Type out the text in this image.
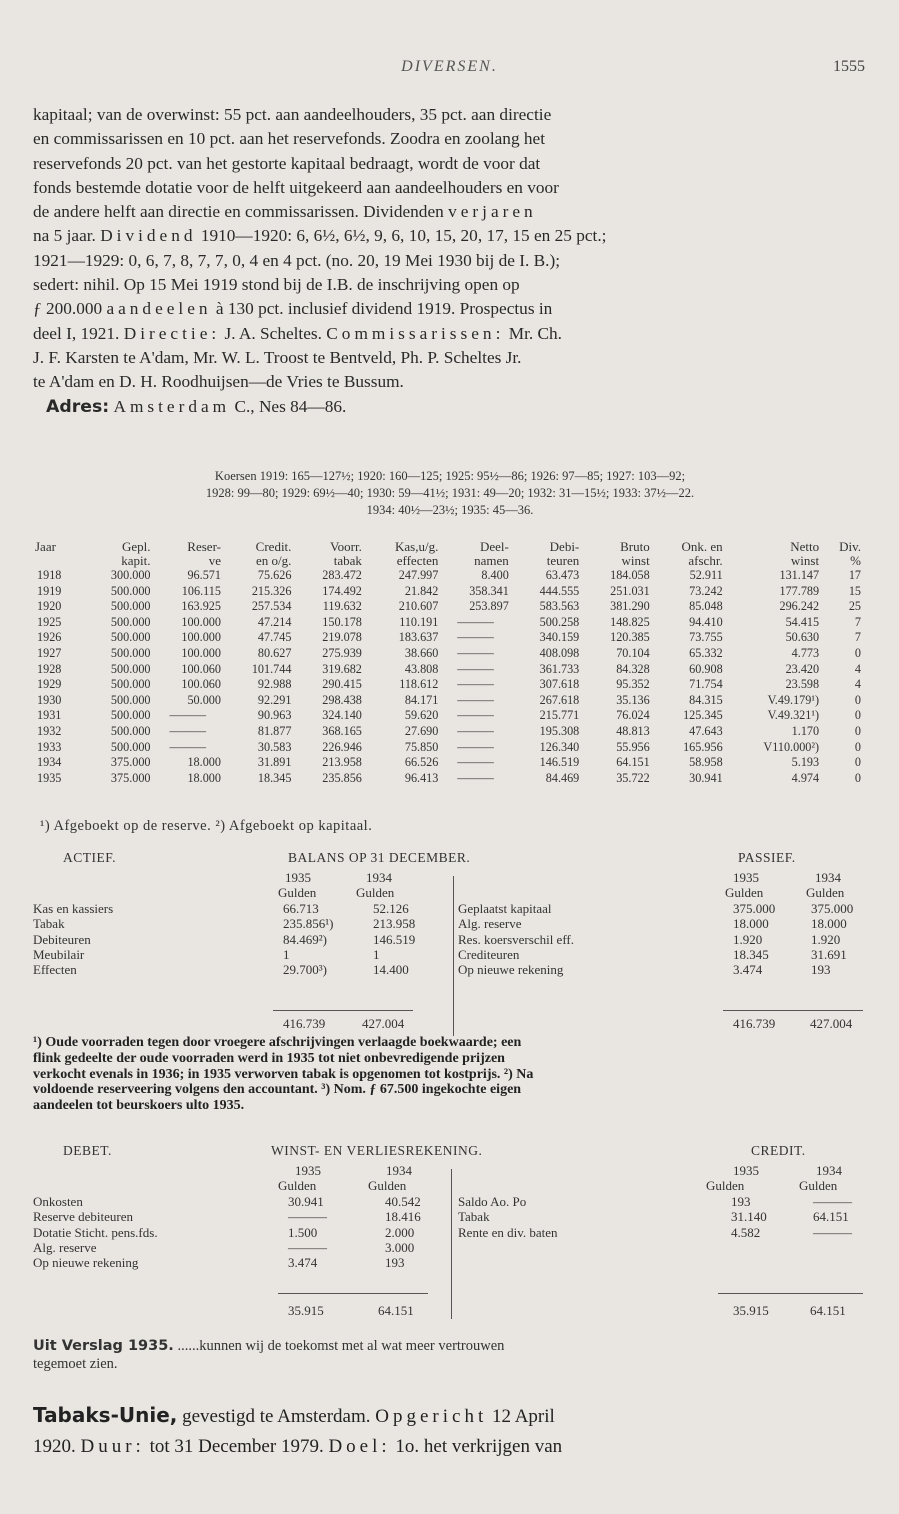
DIVERSEN.	1555
kapitaal; van de overwinst: 55 pct. aan aandeelhouders, 35 pct. aan directie
en commissarissen en 10 pct. aan het reservefonds. Zoodra en zoolang het
reservefonds 20 pct. van het gestorte kapitaal bedraagt, wordt de voor dat
fonds bestemde dotatie voor de helft uitgekeerd aan aandeelhouders en voor
de andere helft aan directie en commissarissen. Dividenden verjaren
na 5 jaar. Dividend 1910—1920: 6, 6½, 6½, 9, 6, 10, 15, 20, 17, 15 en 25 pct.;
1921—1929: 0, 6, 7, 8, 7, 7, 0, 4 en 4 pct. (no. 20, 19 Mei 1930 bij de I. B.);
sedert: nihil. Op 15 Mei 1919 stond bij de I.B. de inschrijving open op
ƒ 200.000 aandeelen à 130 pct. inclusief dividend 1919. Prospectus in
deel I, 1921. Directie: J. A. Scheltes. Commissarissen: Mr. Ch.
J. F. Karsten te A'dam, Mr. W. L. Troost te Bentveld, Ph. P. Scheltes Jr.
te A'dam en D. H. Roodhuijsen—de Vries te Bussum.
Adres: Amsterdam C., Nes 84—86.
Koersen 1919: 165—127½; 1920: 160—125; 1925: 95½—86; 1926: 97—85; 1927: 103—92;
1928: 99—80; 1929: 69½—40; 1930: 59—41½; 1931: 49—20; 1932: 31—15½; 1933: 37½—22.
1934: 40½—23½; 1935: 45—36.
Jaar	Gepl.	Reser-	Credit.	Voorr.	Kas,u/g.	Deel-	Debi-	Bruto	Onk. en	Netto	Div.
	kapit.	ve	en o/g.	tabak	effecten	namen	teuren	winst	afschr.	winst	%
1918	300.000	96.571	75.626	283.472	247.997	8.400	63.473	184.058	52.911	131.147	17
1919	500.000	106.115	215.326	174.492	21.842	358.341	444.555	251.031	73.242	177.789	15
1920	500.000	163.925	257.534	119.632	210.607	253.897	583.563	381.290	85.048	296.242	25
1925	500.000	100.000	47.214	150.178	110.191	———	500.258	148.825	94.410	54.415	7
1926	500.000	100.000	47.745	219.078	183.637	———	340.159	120.385	73.755	50.630	7
1927	500.000	100.000	80.627	275.939	38.660	———	408.098	70.104	65.332	4.773	0
1928	500.000	100.060	101.744	319.682	43.808	———	361.733	84.328	60.908	23.420	4
1929	500.000	100.060	92.988	290.415	118.612	———	307.618	95.352	71.754	23.598	4
1930	500.000	50.000	92.291	298.438	84.171	———	267.618	35.136	84.315	V.49.179¹)	0
1931	500.000	———	90.963	324.140	59.620	———	215.771	76.024	125.345	V.49.321¹)	0
1932	500.000	———	81.877	368.165	27.690	———	195.308	48.813	47.643	1.170	0
1933	500.000	———	30.583	226.946	75.850	———	126.340	55.956	165.956	V110.000²)	0
1934	375.000	18.000	31.891	213.958	66.526	———	146.519	64.151	58.958	5.193	0
1935	375.000	18.000	18.345	235.856	96.413	———	84.469	35.722	30.941	4.974	0
¹) Afgeboekt op de reserve. ²) Afgeboekt op kapitaal.
ACTIEF.	BALANS OP 31 DECEMBER.	PASSIEF.
1935	1934	1935	1934
Gulden	Gulden	Gulden	Gulden
Kas en kassiers	66.713	52.126	Geplaatst kapitaal	375.000	375.000
Tabak	235.856¹)	213.958	Alg. reserve	18.000	18.000
Debiteuren	84.469²)	146.519	Res. koersverschil eff.	1.920	1.920
Meubilair	1	1	Crediteuren	18.345	31.691
Effecten	29.700³)	14.400	Op nieuwe rekening	3.474	193
416.739	427.004	416.739	427.004
¹) Oude voorraden tegen door vroegere afschrijvingen verlaagde boekwaarde; een
flink gedeelte der oude voorraden werd in 1935 tot niet onbevredigende prijzen
verkocht evenals in 1936; in 1935 verworven tabak is opgenomen tot kostprijs. ²) Na
voldoende reserveering volgens den accountant. ³) Nom. ƒ 67.500 ingekochte eigen
aandeelen tot beurskoers ulto 1935.
DEBET.	WINST- EN VERLIESREKENING.	CREDIT.
1935	1934	1935	1934
Gulden	Gulden	Gulden	Gulden
Onkosten	30.941	40.542	Saldo Ao. Po	193	———
Reserve debiteuren	———	18.416	Tabak	31.140	64.151
Dotatie Sticht. pens.fds.	1.500	2.000	Rente en div. baten	4.582	———
Alg. reserve	———	3.000
Op nieuwe rekening	3.474	193
35.915	64.151	35.915	64.151
Uit Verslag 1935. ......kunnen wij de toekomst met al wat meer vertrouwen
tegemoet zien.
Tabaks-Unie, gevestigd te Amsterdam. Opgericht 12 April
1920. Duur: tot 31 December 1979. Doel: 1o. het verkrijgen van
